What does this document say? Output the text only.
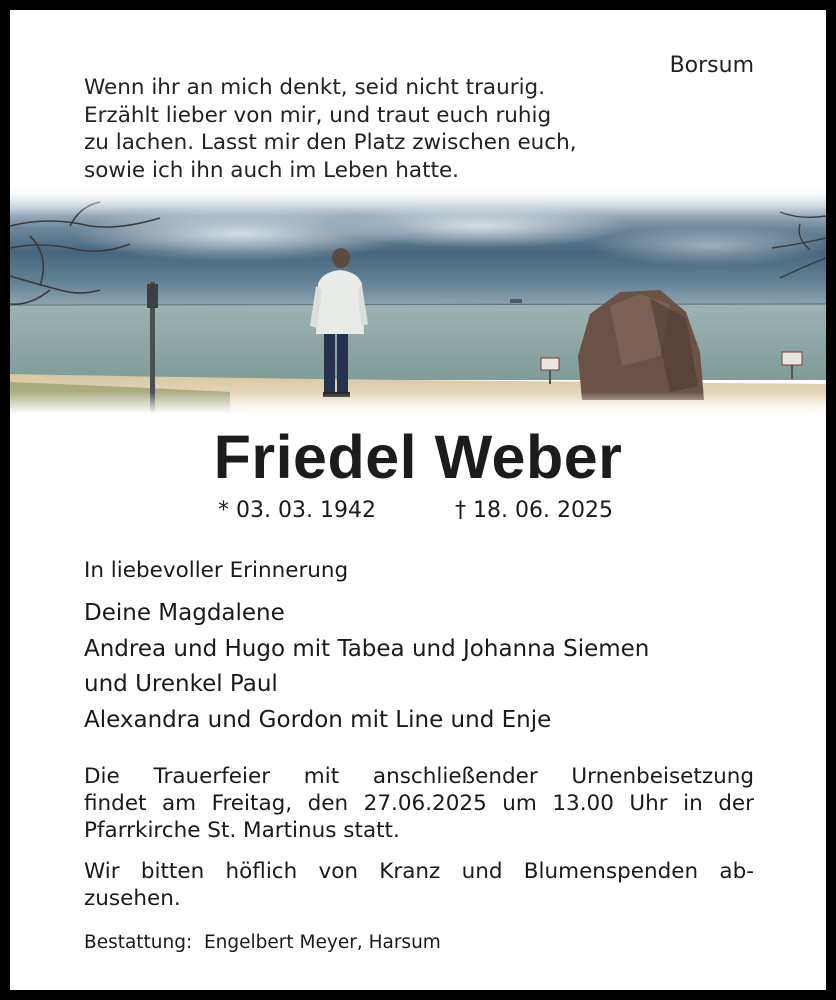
Borsum
Wenn ihr an mich denkt, seid nicht traurig.
Erzählt lieber von mir, und traut euch ruhig
zu lachen. Lasst mir den Platz zwischen euch,
sowie ich ihn auch im Leben hatte.
Friedel Weber
* 03. 03. 1942	† 18. 06. 2025
In liebevoller Erinnerung
Deine Magdalene
Andrea und Hugo mit Tabea und Johanna Siemen
und Urenkel Paul
Alexandra und Gordon mit Line und Enje
Die Trauerfeier mit anschließender Urnenbeisetzung
findet am Freitag, den 27.06.2025 um 13.00 Uhr in der
Pfarrkirche St. Martinus statt.
Wir bitten höflich von Kranz und Blumenspenden ab-
zusehen.
Bestattung:  Engelbert Meyer, Harsum
